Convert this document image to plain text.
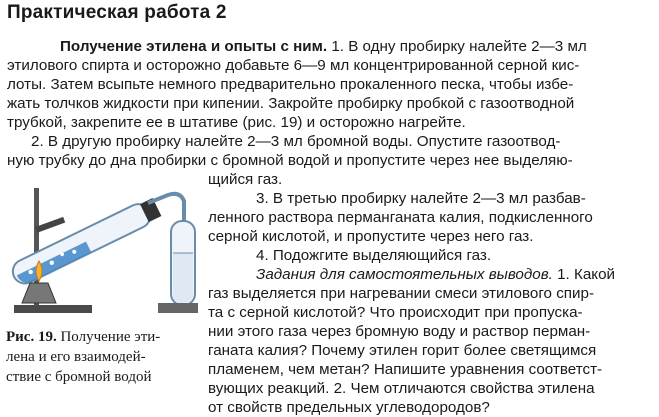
Практическая работа 2
Получение этилена и опыты с ним. 1. В одну пробирку налейте 2—3 мл
этилового спирта и осторожно добавьте 6—9 мл концентрированной серной кис-
лоты. Затем всыпьте немного предварительно прокаленного песка, чтобы избе-
жать толчков жидкости при кипении. Закройте пробирку пробкой с газоотводной
трубкой, закрепите ее в штативе (рис. 19) и осторожно нагрейте.
2. В другую пробирку налейте 2—3 мл бромной воды. Опустите газоотвод-
ную трубку до дна пробирки с бромной водой и пропустите через нее выделяю-
щийся газ.
3. В третью пробирку налейте 2—3 мл разбав-
ленного раствора перманганата калия, подкисленного
серной кислотой, и пропустите через него газ.
4. Подожгите выделяющийся газ.
Задания для самостоятельных выводов. 1. Какой
газ выделяется при нагревании смеси этилового спир-
та с серной кислотой? Что происходит при пропуска-
нии этого газа через бромную воду и раствор перман-
ганата калия? Почему этилен горит более светящимся
пламенем, чем метан? Напишите уравнения соответст-
вующих реакций. 2. Чем отличаются свойства этилена
от свойств предельных углеводородов?
Рис. 19. Получение эти-
лена и его взаимодей-
ствие с бромной водой
